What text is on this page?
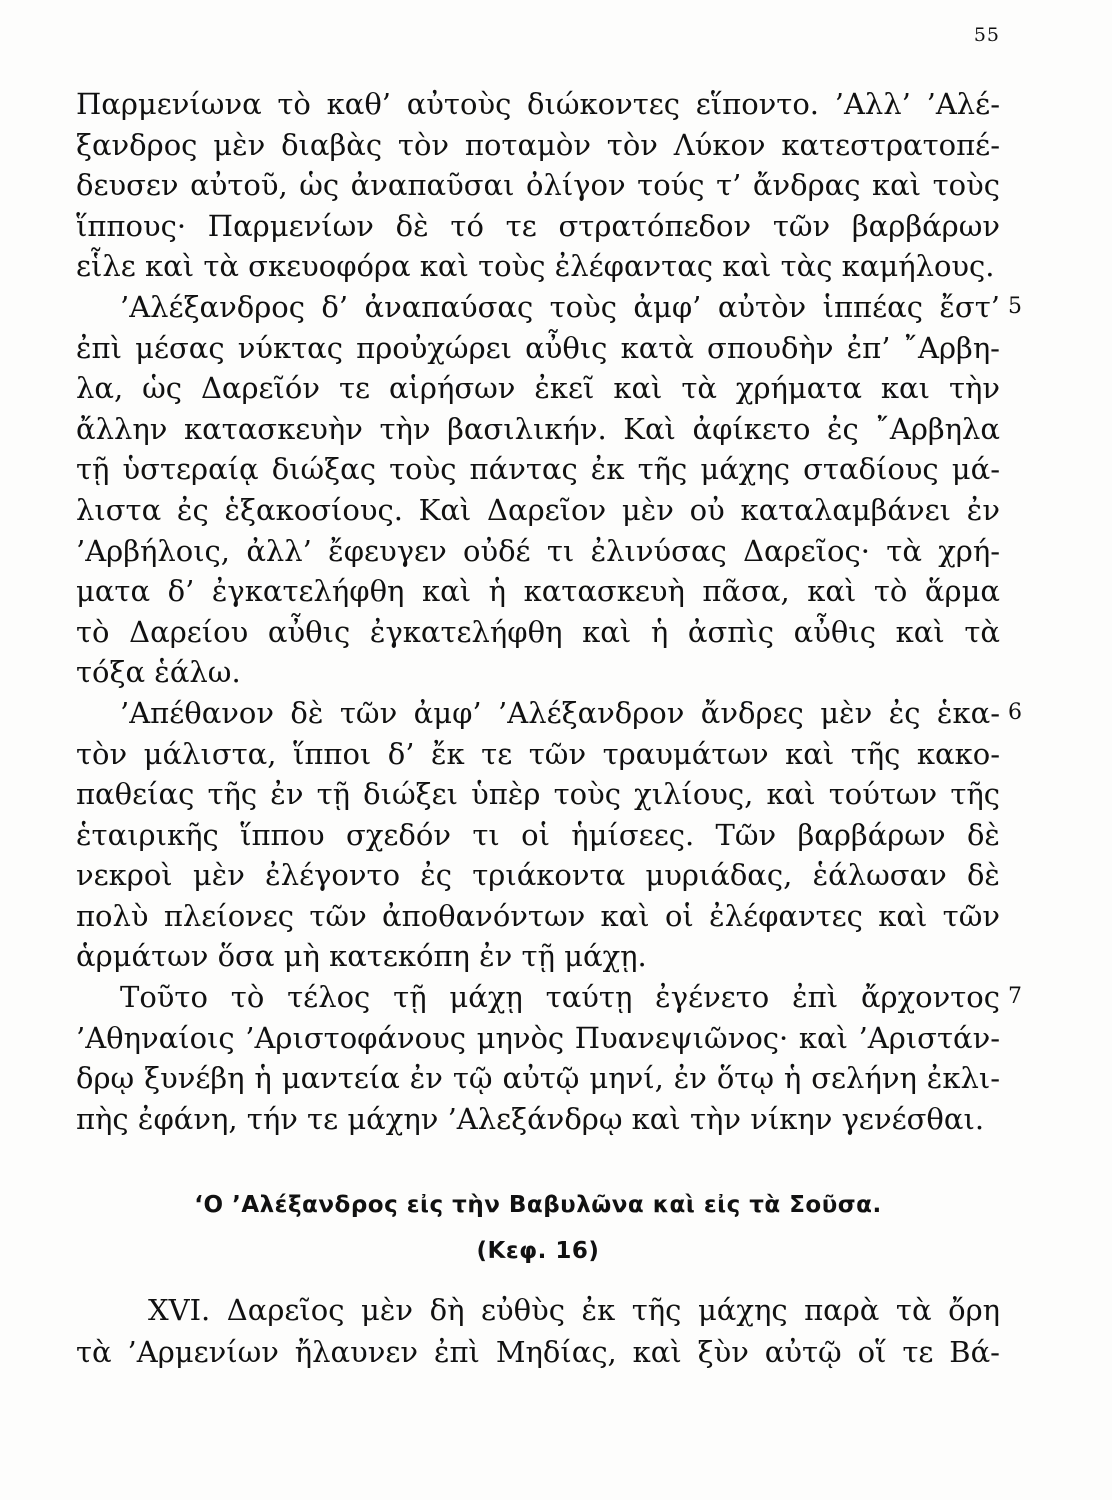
55
Παρμενίωνα τὸ καθ’ αὐτοὺς διώκοντες εἵποντο. ’Αλλ’ ’Αλέ-
ξανδρος μὲν διαβὰς τὸν ποταμὸν τὸν Λύκον κατεστρατοπέ-
δευσεν αὐτοῦ, ὡς ἀναπαῦσαι ὀλίγον τούς τ’ ἄνδρας καὶ τοὺς
ἵππους· Παρμενίων δὲ τό τε στρατόπεδον τῶν βαρβάρων
εἷλε καὶ τὰ σκευοφόρα καὶ τοὺς ἐλέφαντας καὶ τὰς καμήλους.
’Αλέξανδρος δ’ ἀναπαύσας τοὺς ἀμφ’ αὐτὸν ἱππέας ἔστ’ 5
ἐπὶ μέσας νύκτας προὐχώρει αὖθις κατὰ σπουδὴν ἐπ’ ῎Αρβη-
λα, ὡς Δαρεῖόν τε αἱρήσων ἐκεῖ καὶ τὰ χρήματα και τὴν
ἄλλην κατασκευὴν τὴν βασιλικήν. Καὶ ἀφίκετο ἐς ῎Αρβηλα
τῇ ὑστεραίᾳ διώξας τοὺς πάντας ἐκ τῆς μάχης σταδίους μά-
λιστα ἐς ἑξακοσίους. Καὶ Δαρεῖον μὲν οὐ καταλαμβάνει ἐν
’Αρβήλοις, ἀλλ’ ἔφευγεν οὐδέ τι ἐλινύσας Δαρεῖος· τὰ χρή-
ματα δ’ ἐγκατελήφθη καὶ ἡ κατασκευὴ πᾶσα, καὶ τὸ ἅρμα
τὸ Δαρείου αὖθις ἐγκατελήφθη καὶ ἡ ἀσπὶς αὖθις καὶ τὰ
τόξα ἑάλω.
’Απέθανον δὲ τῶν ἀμφ’ ’Αλέξανδρον ἄνδρες μὲν ἐς ἑκα- 6
τὸν μάλιστα, ἵπποι δ’ ἔκ τε τῶν τραυμάτων καὶ τῆς κακο-
παθείας τῆς ἐν τῇ διώξει ὑπὲρ τοὺς χιλίους, καὶ τούτων τῆς
ἑταιρικῆς ἵππου σχεδόν τι οἱ ἡμίσεες. Τῶν βαρβάρων δὲ
νεκροὶ μὲν ἐλέγοντο ἐς τριάκοντα μυριάδας, ἑάλωσαν δὲ
πολὺ πλείονες τῶν ἀποθανόντων καὶ οἱ ἐλέφαντες καὶ τῶν
ἁρμάτων ὅσα μὴ κατεκόπη ἐν τῇ μάχῃ.
Τοῦτο τὸ τέλος τῇ μάχῃ ταύτῃ ἐγένετο ἐπὶ ἄρχοντος 7
’Αθηναίοις ’Αριστοφάνους μηνὸς Πυανεψιῶνος· καὶ ’Αριστάν-
δρῳ ξυνέβη ἡ μαντεία ἐν τῷ αὐτῷ μηνί, ἐν ὅτῳ ἡ σελήνη ἐκλι-
πὴς ἐφάνη, τήν τε μάχην ’Αλεξάνδρῳ καὶ τὴν νίκην γενέσθαι.
‘Ο ’Αλέξανδρος εἰς τὴν Βαβυλῶνα καὶ εἰς τὰ Σοῦσα.
(Κεφ. 16)
XVI. Δαρεῖος μὲν δὴ εὐθὺς ἐκ τῆς μάχης παρὰ τὰ ὄρη
τὰ ’Αρμενίων ἤλαυνεν ἐπὶ Μηδίας, καὶ ξὺν αὐτῷ οἵ τε Βά-
